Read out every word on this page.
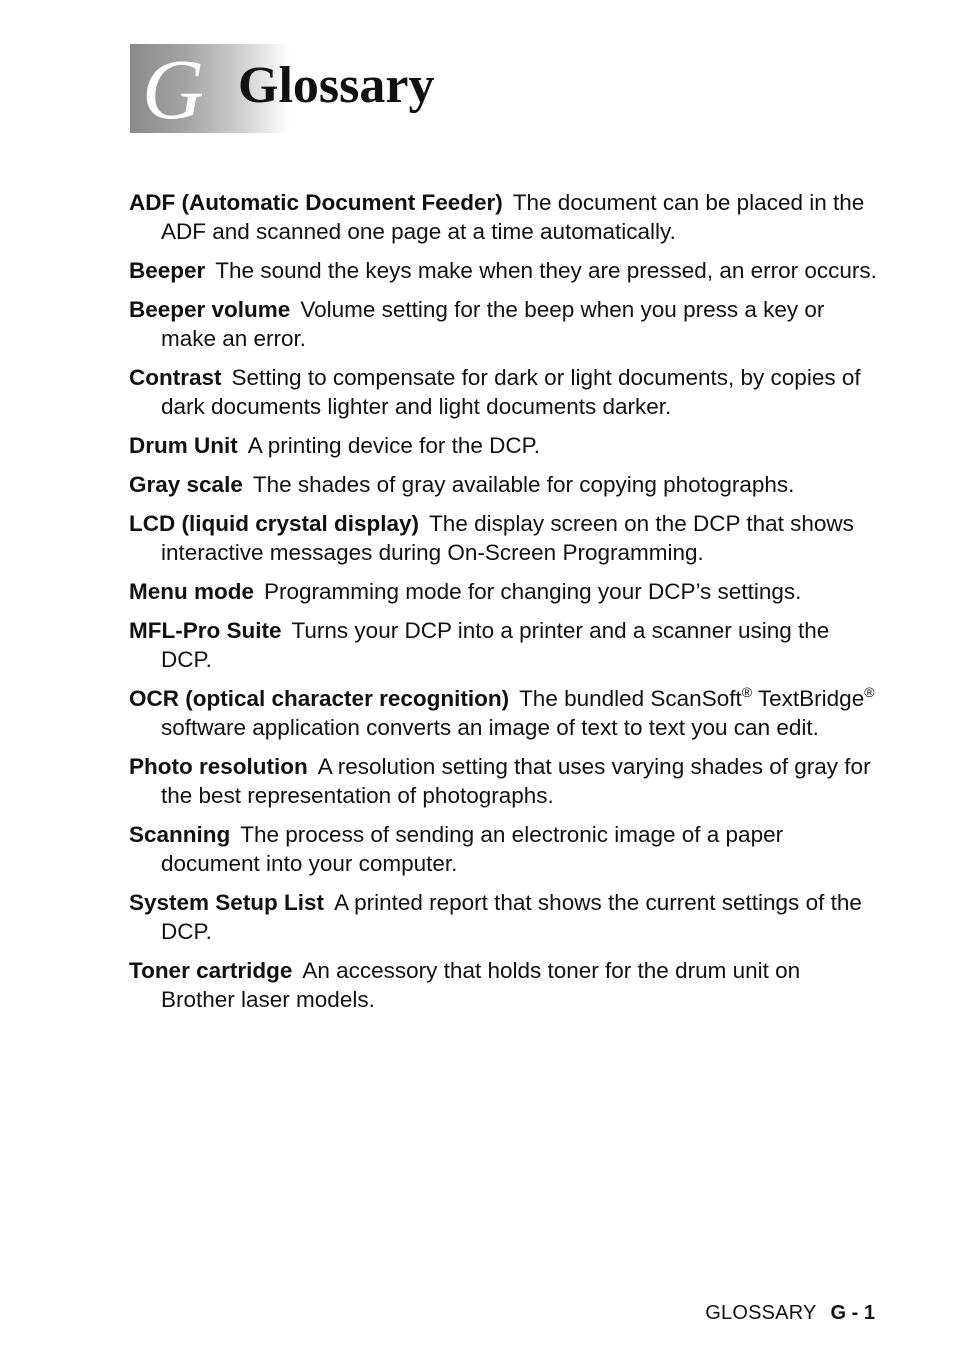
G Glossary

ADF (Automatic Document Feeder) The document can be placed in the ADF and scanned one page at a time automatically.

Beeper The sound the keys make when they are pressed, an error occurs.

Beeper volume Volume setting for the beep when you press a key or make an error.

Contrast Setting to compensate for dark or light documents, by copies of dark documents lighter and light documents darker.

Drum Unit A printing device for the DCP.

Gray scale The shades of gray available for copying photographs.

LCD (liquid crystal display) The display screen on the DCP that shows interactive messages during On-Screen Programming.

Menu mode Programming mode for changing your DCP’s settings.

MFL-Pro Suite Turns your DCP into a printer and a scanner using the DCP.

OCR (optical character recognition) The bundled ScanSoft® TextBridge® software application converts an image of text to text you can edit.

Photo resolution A resolution setting that uses varying shades of gray for the best representation of photographs.

Scanning The process of sending an electronic image of a paper document into your computer.

System Setup List A printed report that shows the current settings of the DCP.

Toner cartridge An accessory that holds toner for the drum unit on Brother laser models.

GLOSSARY G - 1
